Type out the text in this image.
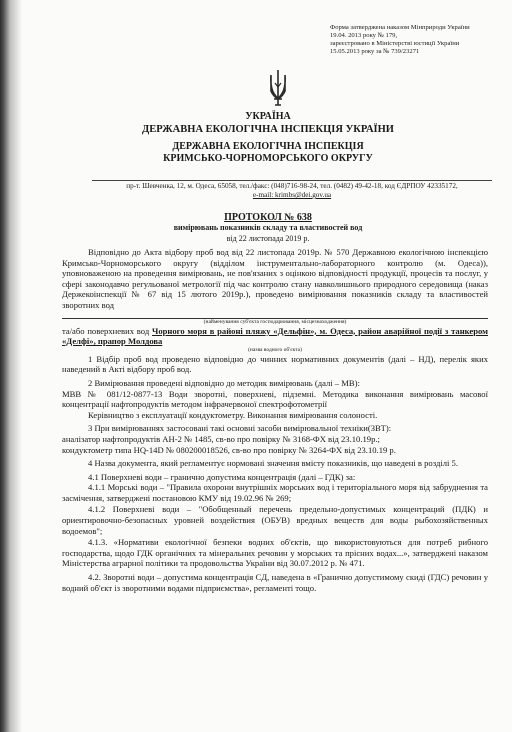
Форма затверджена наказом Мінприроди України
19.04. 2013 року № 179,
зареєстровано в Міністерстві юстиції України
15.05.2013 року за № 739/23271
УКРАЇНА
ДЕРЖАВНА ЕКОЛОГІЧНА ІНСПЕКЦІЯ УКРАЇНИ
ДЕРЖАВНА ЕКОЛОГІЧНА ІНСПЕКЦІЯ
КРИМСЬКО-ЧОРНОМОРСЬКОГО ОКРУГУ
пр-т. Шевченка, 12, м. Одеса, 65058, тел./факс: (048)716-98-24, тел. (0482) 49-42-18, код ЄДРПОУ 42335172,
e-mail: krimbs@dei.gov.ua
ПРОТОКОЛ № 638
вимірювань показників складу та властивостей вод
від 22 листопада 2019 р.

Відповідно до Акта відбору проб вод від 22 листопада 2019р. № 570 Державною екологічною інспекцією Кримсько-Чорноморського округу (відділом інструментально-лабораторного контролю (м. Одеса)), уповноваженою на проведення вимірювань, не пов'язаних з оцінкою відповідності продукції, процесів та послуг, у сфері законодавчо регульованої метрології під час контролю стану навколишнього природного середовища (наказ Держекоінспекції № 67 від 15 лютого 2019р.), проведено вимірювання показників складу та властивостей зворотних вод

(найменування суб'єкта господарювання, місцезнаходження)

та/або поверхневих вод Чорного моря в районі пляжу «Дельфін», м. Одеса, район аварійної події з танкером «Делфі», прапор Молдова

(назва водного об'єкта)

1 Відбір проб вод проведено відповідно до чинних нормативних документів (далі – НД), перелік яких наведений в Акті відбору проб вод.

2 Вимірювання проведені відповідно до методик вимірювань (далі – МВ):

МВВ № 081/12-0877-13 Води зворотні, поверхневі, підземні. Методика виконання вимірювань масової концентрації нафтопродуктів методом інфрачервоної спектрофотометрії

Керівництво з експлуатації кондуктометру. Виконання вимірювання солоності.

3 При вимірюваннях застосовані такі основні засоби вимірювальної техніки(ЗВТ):

аналізатор нафтопродуктів АН-2 № 1485, св-во про повірку № 3168-ФХ від 23.10.19р.;

кондуктометр типа HQ-14D № 080200018526, св-во про повірку № 3264-ФХ від 23.10.19 р.

4 Назва документа, який регламентує нормовані значення вмісту показників, що наведені в розділі 5.

4.1 Поверхневі води – гранично допустима концентрація (далі – ГДК) за:

4.1.1 Морські води – "Правила охорони внутрішніх морських вод і територіального моря від забруднення та засмічення, затверджені постановою КМУ від 19.02.96 № 269;

4.1.2 Поверхневі води – "Обобщенный перечень предельно-допустимых концентраций (ПДК) и ориентировочно-безопасных уровней воздействия (ОБУВ) вредных веществ для воды рыбохозяйственных водоемов";

4.1.3. «Нормативи екологічної безпеки водних об'єктів, що використовуються для потреб рибного господарства, щодо ГДК органічних та мінеральних речовин у морських та прісних водах...», затверджені наказом Міністерства аграрної політики та продовольства України від 30.07.2012 р. № 471.

4.2. Зворотні води – допустима концентрація CД, наведена в «Гранично допустимому скиді (ГДС) речовин у водний об'єкт із зворотними водами підприємства», регламенті тощо.
